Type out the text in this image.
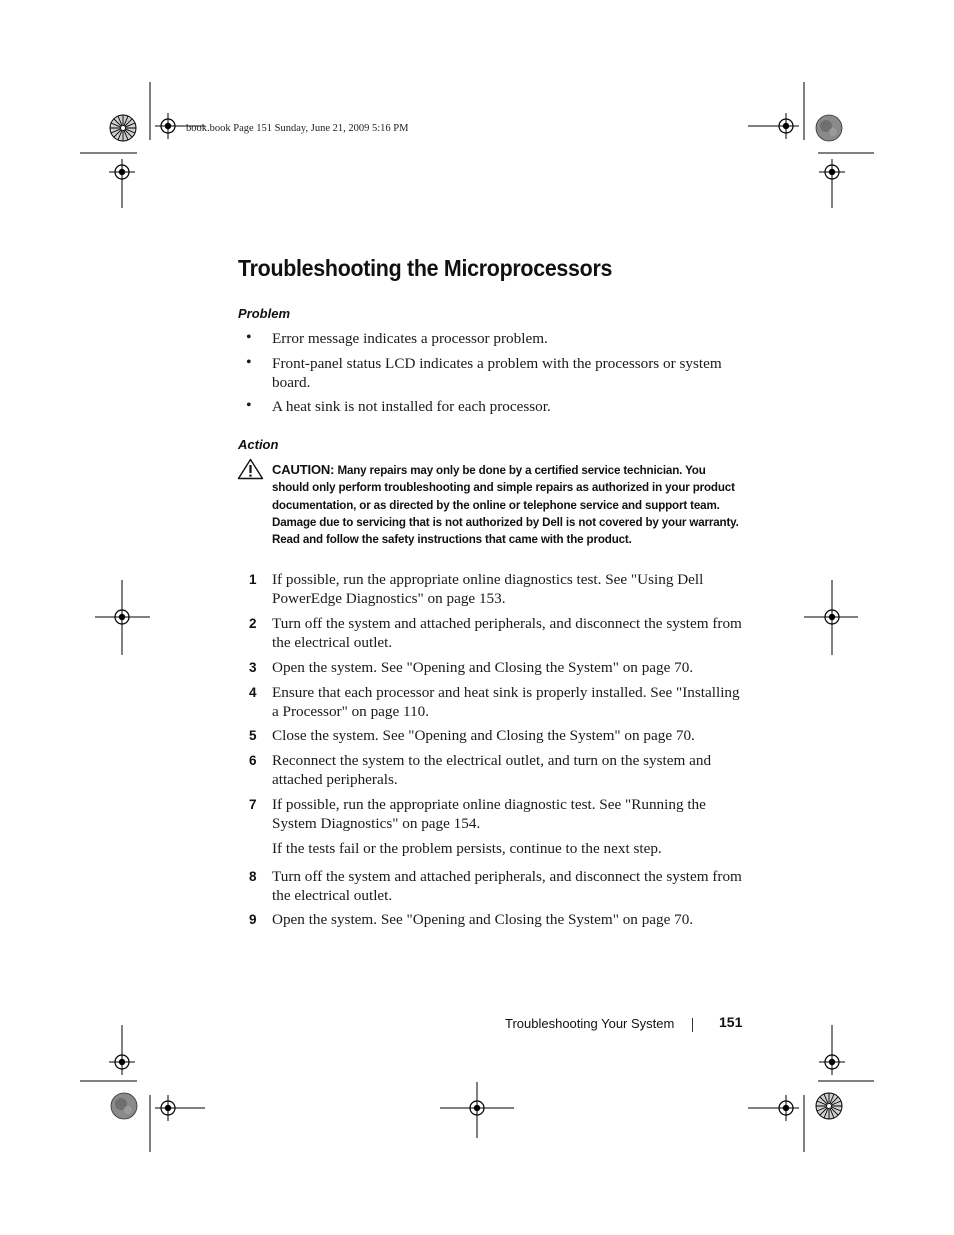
book.book Page 151 Sunday, June 21, 2009 5:16 PM
Troubleshooting the Microprocessors
Problem
• Error message indicates a processor problem.
• Front-panel status LCD indicates a problem with the processors or system board.
• A heat sink is not installed for each processor.
Action
CAUTION: Many repairs may only be done by a certified service technician. You should only perform troubleshooting and simple repairs as authorized in your product documentation, or as directed by the online or telephone service and support team. Damage due to servicing that is not authorized by Dell is not covered by your warranty. Read and follow the safety instructions that came with the product.
1 If possible, run the appropriate online diagnostics test. See "Using Dell PowerEdge Diagnostics" on page 153.
2 Turn off the system and attached peripherals, and disconnect the system from the electrical outlet.
3 Open the system. See "Opening and Closing the System" on page 70.
4 Ensure that each processor and heat sink is properly installed. See "Installing a Processor" on page 110.
5 Close the system. See "Opening and Closing the System" on page 70.
6 Reconnect the system to the electrical outlet, and turn on the system and attached peripherals.
7 If possible, run the appropriate online diagnostic test. See "Running the System Diagnostics" on page 154.
If the tests fail or the problem persists, continue to the next step.
8 Turn off the system and attached peripherals, and disconnect the system from the electrical outlet.
9 Open the system. See "Opening and Closing the System" on page 70.
Troubleshooting Your System	151
